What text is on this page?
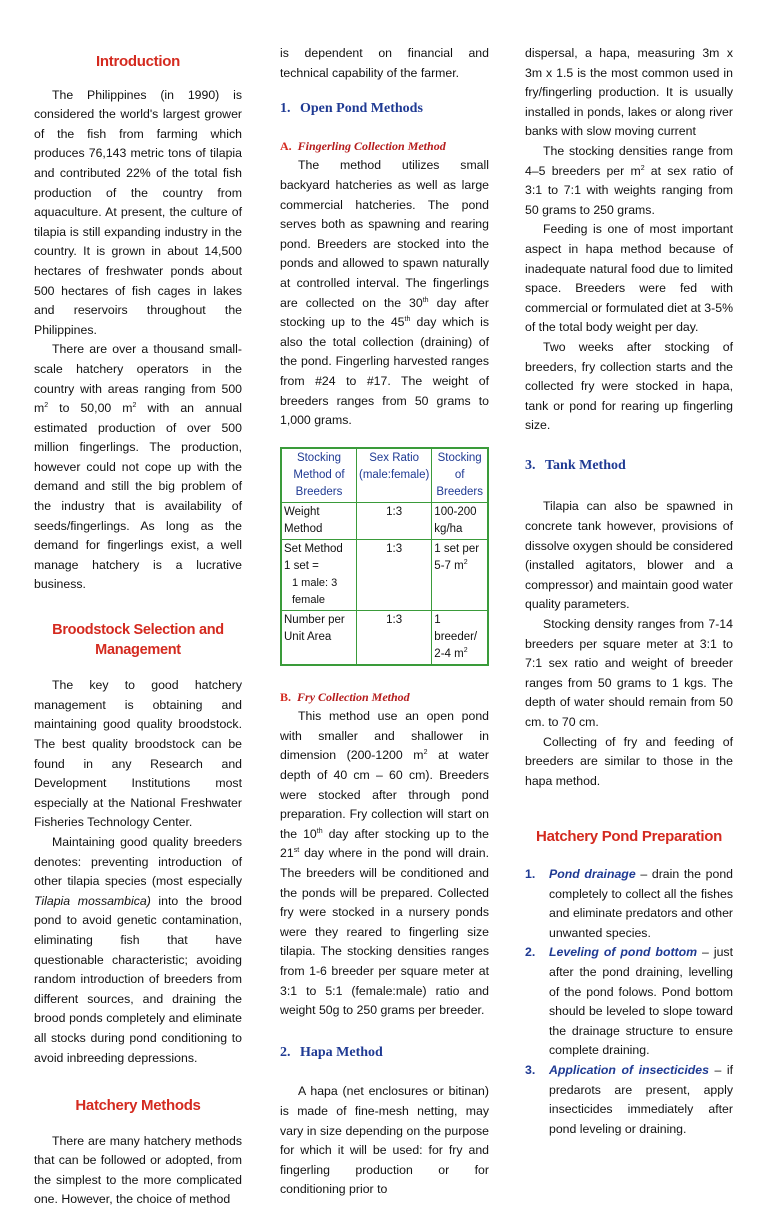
Introduction

The Philippines (in 1990) is considered the world's largest grower of the fish from farming which produces 76,143 metric tons of tilapia and contributed 22% of the total fish production of the country from aquaculture. At present, the culture of tilapia is still expanding industry in the country. It is grown in about 14,500 hectares of freshwater ponds about 500 hectares of fish cages in lakes and reservoirs throughout the Philippines.

There are over a thousand small-scale hatchery operators in the country with areas ranging from 500 $m^2$ to 50,00 $m^2$ with an annual estimated production of over 500 million fingerlings. The production, however could not cope up with the demand and still the big problem of the industry that is availability of seeds/fingerlings. As long as the demand for fingerlings exist, a well manage hatchery is a lucrative business.

Broodstock Selection and Management

The key to good hatchery management is obtaining and maintaining good quality broodstock. The best quality broodstock can be found in any Research and Development Institutions most especially at the National Freshwater Fisheries Technology Center.

Maintaining good quality breeders denotes: preventing introduction of other tilapia species (most especially Tilapia mossambica) into the brood pond to avoid genetic contamination, eliminating fish that have questionable characteristic; avoiding random introduction of breeders from different sources, and draining the brood ponds completely and eliminate all stocks during pond conditioning to avoid inbreeding depressions.

Hatchery Methods

There are many hatchery methods that can be followed or adopted, from the simplest to the more complicated one. However, the choice of method

is dependent on financial and technical capability of the farmer.

1. Open Pond Methods
A. Fingerling Collection Method

The method utilizes small backyard hatcheries as well as large commercial hatcheries. The pond serves both as spawning and rearing pond. Breeders are stocked into the ponds and allowed to spawn naturally at controlled interval. The fingerlings are collected on the 30th day after stocking up to the 45th day which is also the total collection (draining) of the pond. Fingerling harvested ranges from #24 to #17. The weight of breeders ranges from 50 grams to 1,000 grams.

Stocking Method of Breeders	Sex Ratio (male:female)	Stocking of Breeders
Weight Method	1:3	100-200 kg/ha

Set Method
1 set =
1 male: 3 female	1:3	1 set per 5-7 $m^2$
Number per Unit Area	1:3	1 breeder/ 2-4 $m^2$
B. Fry Collection Method

This method use an open pond with smaller and shallower in dimension (200-1200 $m^2$ at water depth of 40 cm – 60 cm). Breeders were stocked after through pond preparation. Fry collection will start on the 10th day after stocking up to the 21st day where in the pond will drain. The breeders will be conditioned and the ponds will be prepared. Collected fry were stocked in a nursery ponds were they reared to fingerling size tilapia. The stocking densities ranges from 1-6 breeder per square meter at 3:1 to 5:1 (female:male) ratio and weight 50g to 250 grams per breeder.

2. Hapa Method

A hapa (net enclosures or bitinan) is made of fine-mesh netting, may vary in size depending on the purpose for which it will be used: for fry and fingerling production or for conditioning prior to

dispersal, a hapa, measuring 3m x 3m x 1.5 is the most common used in fry/fingerling production. It is usually installed in ponds, lakes or along river banks with slow moving current

The stocking densities range from 4–5 breeders per $m^2$ at sex ratio of 3:1 to 7:1 with weights ranging from 50 grams to 250 grams.

Feeding is one of most important aspect in hapa method because of inadequate natural food due to limited space. Breeders were fed with commercial or formulated diet at 3-5% of the total body weight per day.

Two weeks after stocking of breeders, fry collection starts and the collected fry were stocked in hapa, tank or pond for rearing up fingerling size.

3. Tank Method

Tilapia can also be spawned in concrete tank however, provisions of dissolve oxygen should be considered (installed agitators, blower and a compressor) and maintain good water quality parameters.

Stocking density ranges from 7-14 breeders per square meter at 3:1 to 7:1 sex ratio and weight of breeder ranges from 50 grams to 1 kgs. The depth of water should remain from 50 cm. to 70 cm.

Collecting of fry and feeding of breeders are similar to those in the hapa method.

Hatchery Pond Preparation
1. Pond drainage – drain the pond completely to collect all the fishes and eliminate predators and other unwanted species.
2. Leveling of pond bottom – just after the pond draining, levelling of the pond folows. Pond bottom should be leveled to slope toward the drainage structure to ensure complete draining.
3. Application of insecticides – if predarots are present, apply insecticides immediately after pond leveling or draining.
